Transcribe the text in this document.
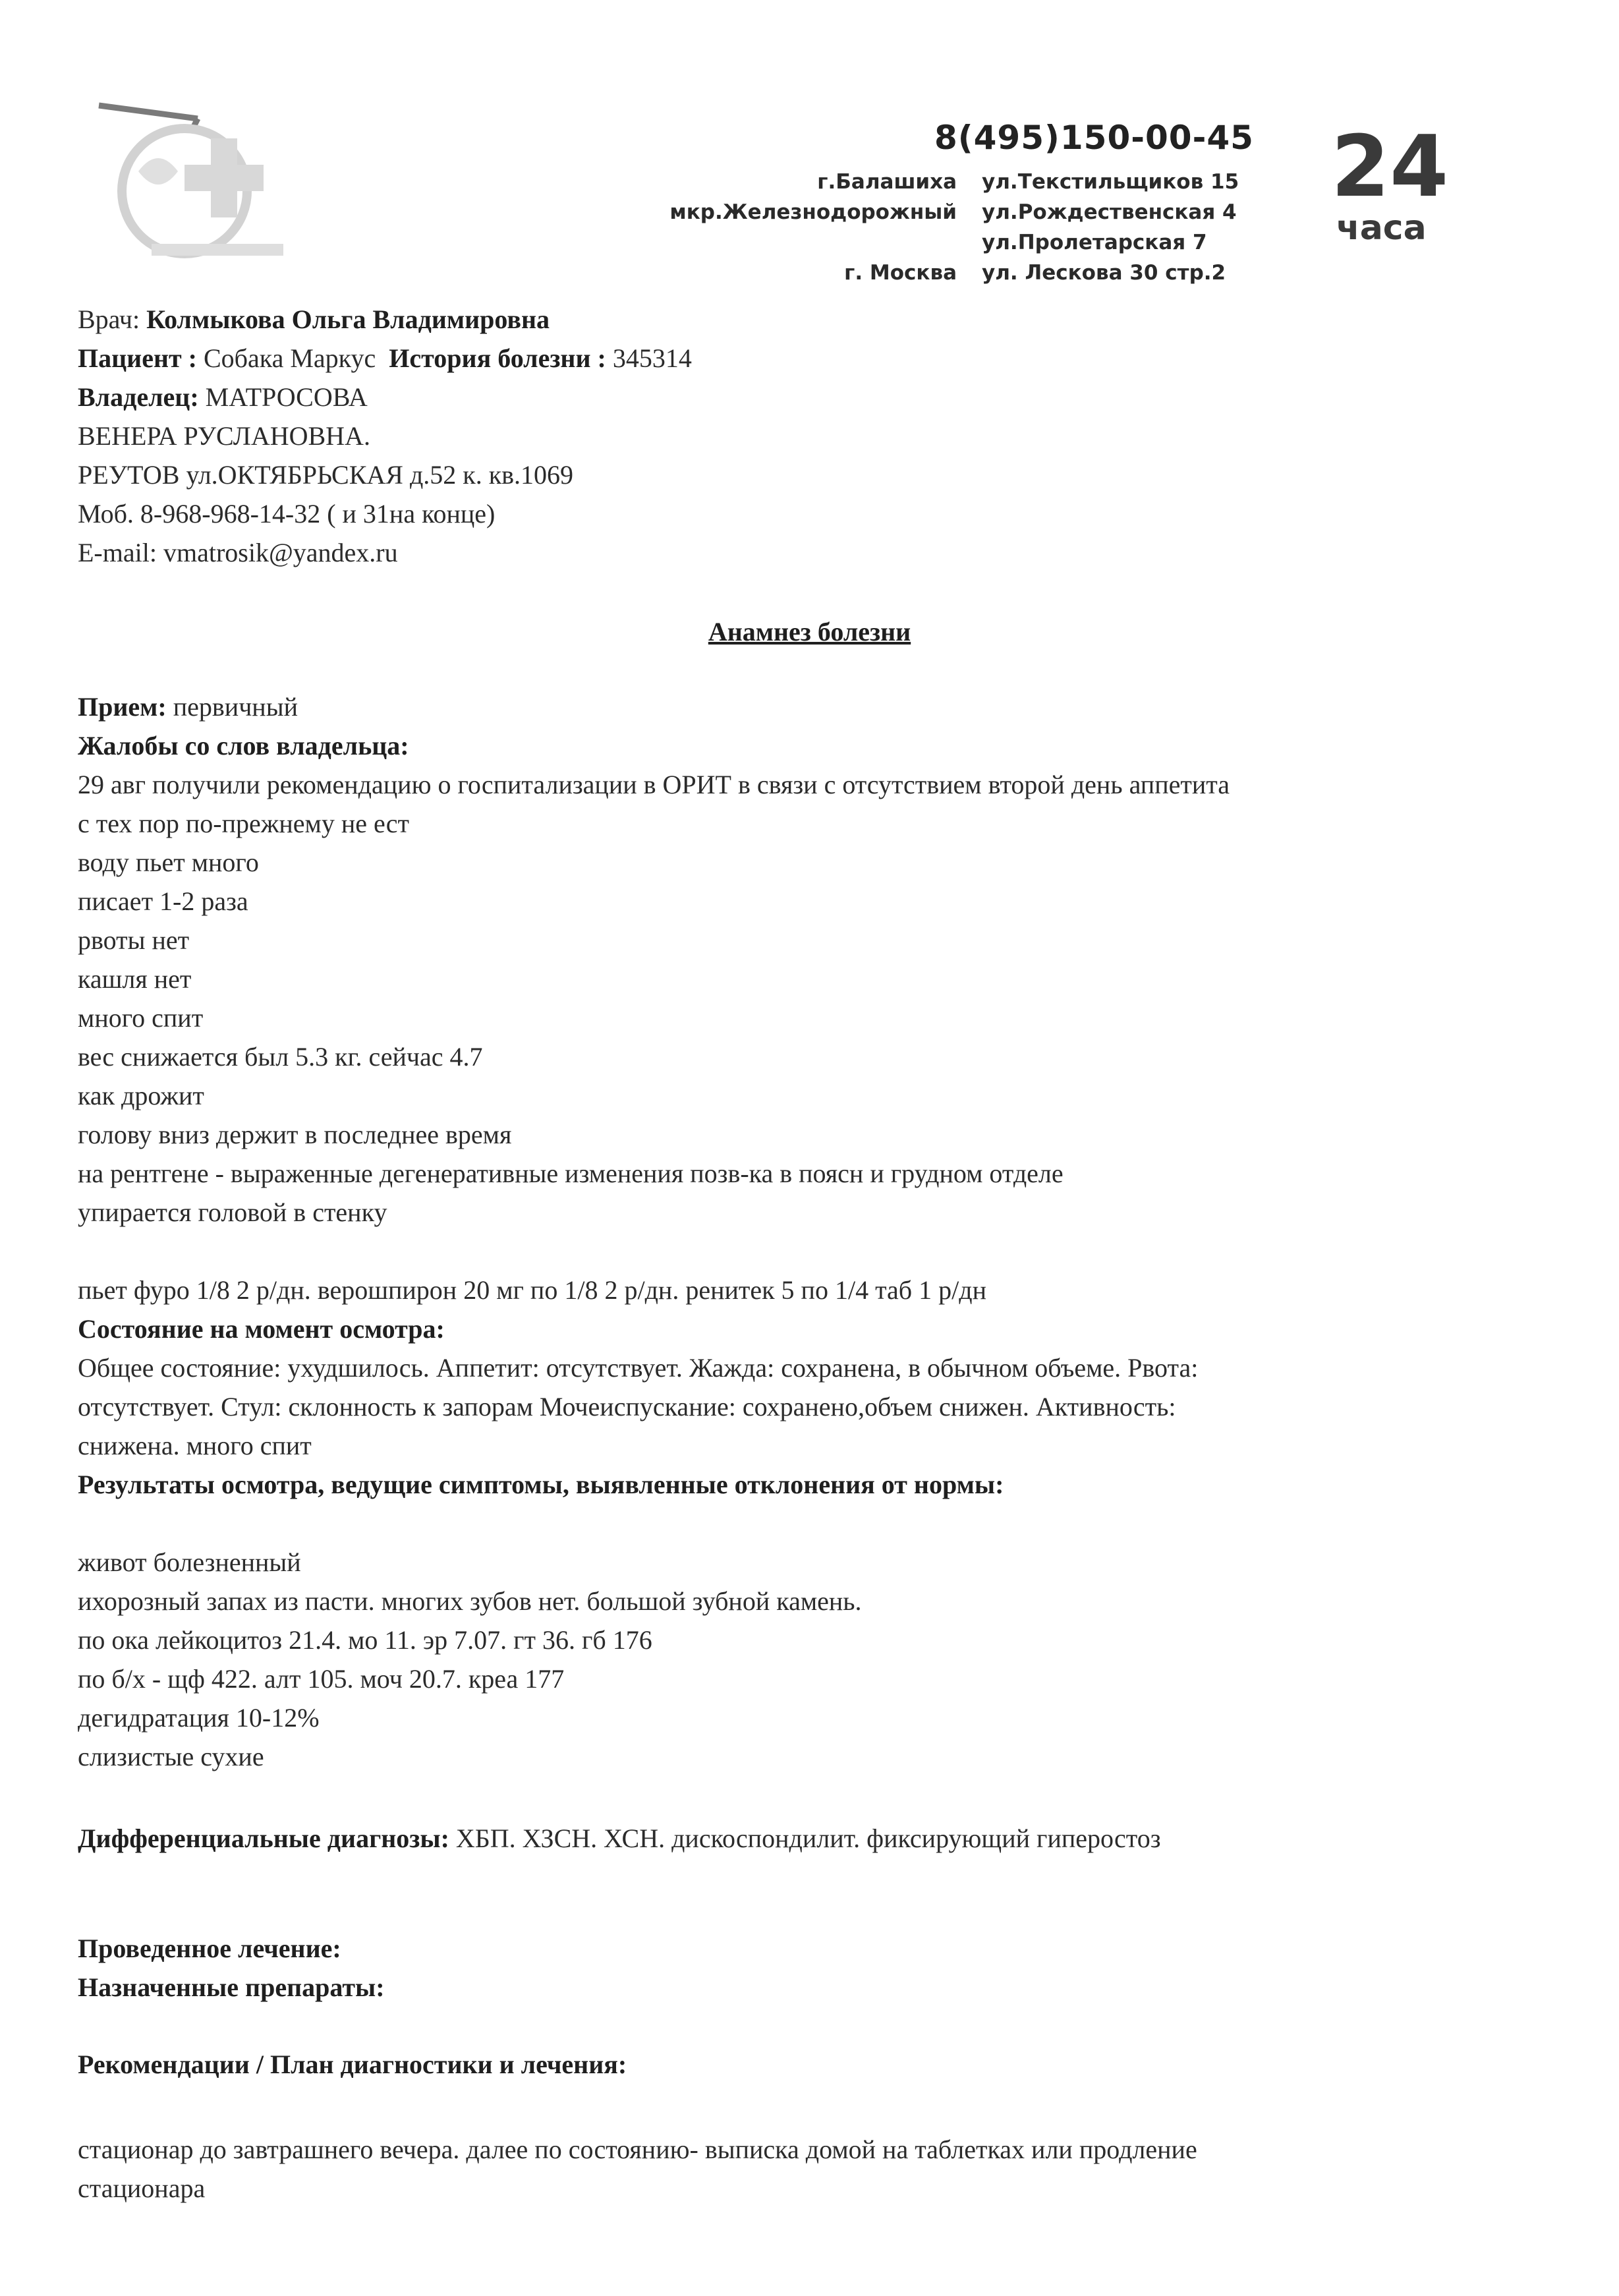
8(495)150-00-45
г.Балашиха
мкр.Железнодорожный
г. Москва
ул.Текстильщиков 15
ул.Рождественская 4
ул.Пролетарская 7
ул. Лескова 30 стр.2
24
часа
Врач: Колмыкова Ольга Владимировна
Пациент : Собака Маркус История болезни : 345314
Владелец: МАТРОСОВА
ВЕНЕРА РУСЛАНОВНА.
РЕУТОВ ул.ОКТЯБРЬСКАЯ д.52 к. кв.1069
Моб. 8-968-968-14-32 ( и 31на конце)
E-mail: vmatrosik@yandex.ru
Анамнез болезни
Прием: первичный
Жалобы со слов владельца:
29 авг получили рекомендацию о госпитализации в ОРИТ в связи с отсутствием второй день аппетита
с тех пор по-прежнему не ест
воду пьет много
писает 1-2 раза
рвоты нет
кашля нет
много спит
вес снижается был 5.3 кг. сейчас 4.7
как дрожит
голову вниз держит в последнее время
на рентгене - выраженные дегенеративные изменения позв-ка в поясн и грудном отделе
упирается головой в стенку
пьет фуро 1/8 2 р/дн. верошпирон 20 мг по 1/8 2 р/дн. ренитек 5 по 1/4 таб 1 р/дн
Состояние на момент осмотра:
Общее состояние: ухудшилось. Аппетит: отсутствует. Жажда: сохранена, в обычном объеме. Рвота:
отсутствует. Стул: склонность к запорам Мочеиспускание: сохранено,объем снижен. Активность:
снижена. много спит
Результаты осмотра, ведущие симптомы, выявленные отклонения от нормы:
живот болезненный
ихорозный запах из пасти. многих зубов нет. большой зубной камень.
по ока лейкоцитоз 21.4. мо 11. эр 7.07. гт 36. гб 176
по б/х - щф 422. алт 105. моч 20.7. креа 177
дегидратация 10-12%
слизистые сухие
Дифференциальные диагнозы: ХБП. ХЗСН. ХСН. дискоспондилит. фиксирующий гиперостоз
Проведенное лечение:
Назначенные препараты:
Рекомендации / План диагностики и лечения:
стационар до завтрашнего вечера. далее по состоянию- выписка домой на таблетках или продление
стационара
